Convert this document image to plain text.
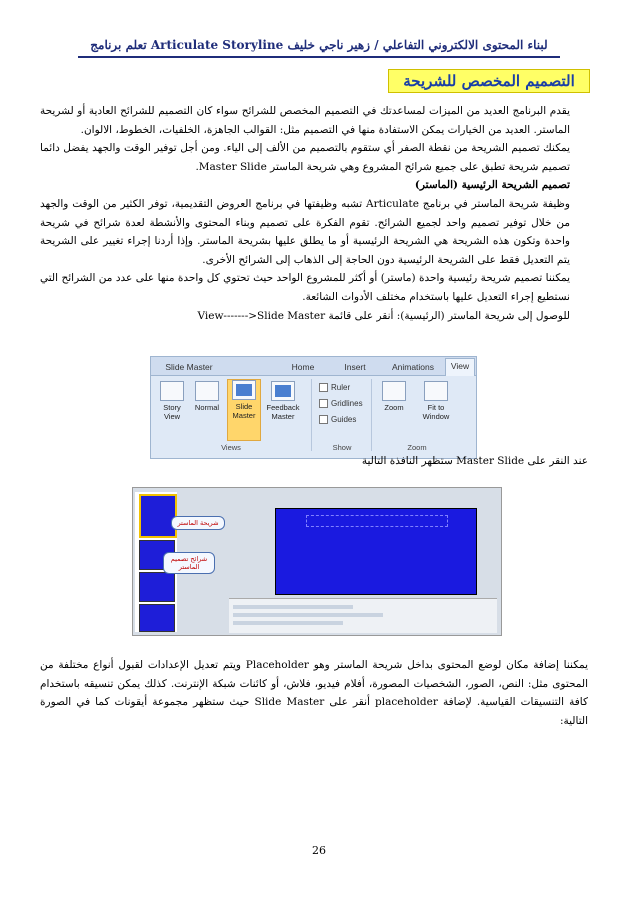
تعلم برنامج Articulate Storyline لبناء المحتوى الالكتروني التفاعلي / زهير ناجي خليف
التصميم المخصص للشريحة

يقدم البرنامج العديد من الميزات لمساعدتك في التصميم المخصص للشرائح سواء كان التصميم للشرائح العادية أو لشريحة الماستر. العديد من الخيارات يمكن الاستفادة منها في التصميم مثل: القوالب الجاهزة، الخلفيات، الخطوط، الالوان.

يمكنك تصميم الشريحة من نقطة الصفر أي ستقوم بالتصميم من الألف إلى الياء. ومن أجل توفير الوقت والجهد يفضل دائما تصميم شريحة تطبق على جميع شرائح المشروع وهي شريحة الماستر Master Slide.

تصميم الشريحة الرئيسية (الماستر)

وظيفة شريحة الماستر في برنامج Articulate تشبه وظيفتها في برنامج العروض التقديمية، توفر الكثير من الوقت والجهد من خلال توفير تصميم واحد لجميع الشرائح. تقوم الفكرة على تصميم وبناء المحتوى والأنشطة لعدة شرائح في شريحة واحدة وتكون هذه الشريحة هي الشريحة الرئيسية أو ما يطلق عليها بشريحة الماستر. وإذا أردنا إجراء تغيير على الشريحة يتم التعديل فقط على الشريحة الرئيسية دون الحاجة إلى الذهاب إلى الشرائح الأخرى.

يمكننا تصميم شريحة رئيسية واحدة (ماستر) أو أكثر للمشروع الواحد حيث تحتوي كل واحدة منها على عدد من الشرائح التي نستطيع إجراء التعديل عليها باستخدام مختلف الأدوات الشائعة.

للوصول إلى شريحة الماستر (الرئيسية): أنقر على قائمة View------->Slide Master

Slide Master	Home	Insert	Animations	View
Story View
Normal	Slide Master
Feedback Master
Views
Ruler
Gridlines
Guides
Show
Zoom	Fit to Window
Zoom

عند النقر على Master Slide ستظهر النافذة التالية

شريحة الماستر
شرائح تصميم الماستر

يمكننا إضافة مكان لوضع المحتوى بداخل شريحة الماستر وهو Placeholder ويتم تعديل الإعدادات لقبول أنواع مختلفة من المحتوى مثل: النص، الصور، الشخصيات المصورة، أفلام فيديو، فلاش، أو كائنات شبكة الإنترنت. كذلك يمكن تنسيقه باستخدام كافة التنسيقات القياسية. لإضافة placeholder أنقر على Slide Master حيث ستظهر مجموعة أيقونات كما في الصورة التالية:

26
